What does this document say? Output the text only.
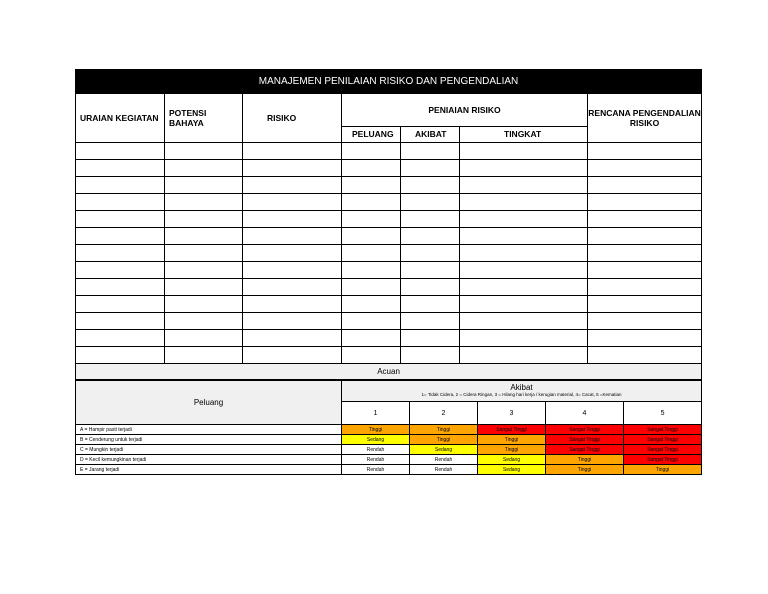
MANAJEMEN PENILAIAN RISIKO DAN PENGENDALIAN						
URAIAN KEGIATAN	POTENSI BAHAYA	RISIKO	PENIAIAN RISIKO			RENCANA PENGENDALIAN RISIKO
			PELUANG	AKIBAT	TINGKAT	

Acuan						
Peluang	Akibat
1= Tidak Cidera, 2 = Cidera Ringan, 3 = Hilang hari kerja / kerugian material, 4= Cacat, 5 =Kematian				

	1	2	3	4	5
A = Hampir pasti terjadi	Tinggi	Tinggi	Sangat Tinggi	Sangat Tinggi	Sangat Tinggi
B = Cenderung untuk terjadi	Sedang	Tinggi	Tinggi	Sangat Tinggi	Sangat Tinggi
C = Mungkin terjadi	Rendah	Sedang	Tinggi	Sangat Tinggi	Sangat Tinggi
D = Kecil kemungkinan terjadi	Rendah	Rendah	Sedang	Tinggi	Sangat Tinggi
E = Jarang terjadi	Rendah	Rendah	Sedang	Tinggi	Tinggi
